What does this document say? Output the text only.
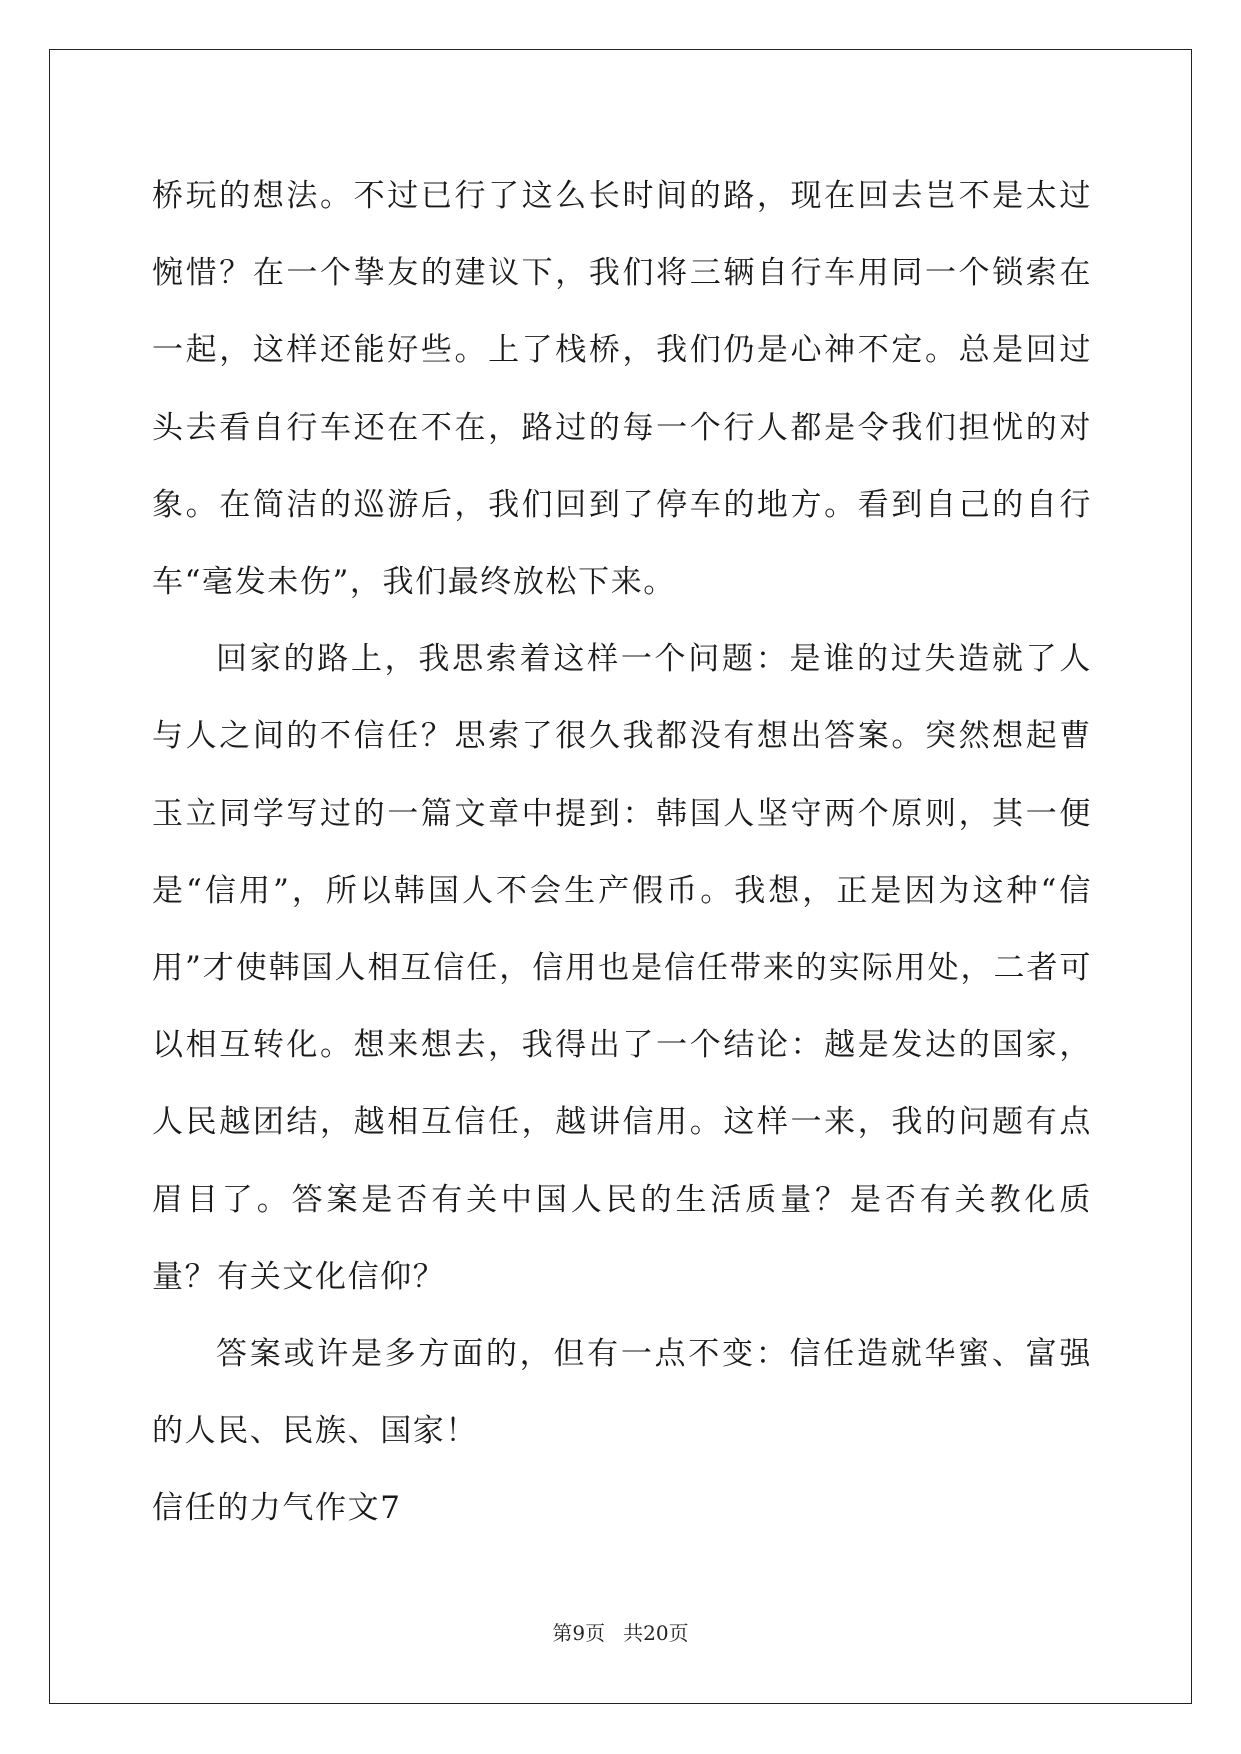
桥玩的想法。不过已行了这么长时间的路，现在回去岂不是太过惋惜？在一个挚友的建议下，我们将三辆自行车用同一个锁索在一起，这样还能好些。上了栈桥，我们仍是心神不定。总是回过头去看自行车还在不在，路过的每一个行人都是令我们担忧的对象。在简洁的巡游后，我们回到了停车的地方。看到自己的自行车“毫发未伤”，我们最终放松下来。

回家的路上，我思索着这样一个问题：是谁的过失造就了人与人之间的不信任？思索了很久我都没有想出答案。突然想起曹玉立同学写过的一篇文章中提到：韩国人坚守两个原则，其一便是“信用”，所以韩国人不会生产假币。我想，正是因为这种“信用”才使韩国人相互信任，信用也是信任带来的实际用处，二者可以相互转化。想来想去，我得出了一个结论：越是发达的国家，人民越团结，越相互信任，越讲信用。这样一来，我的问题有点眉目了。答案是否有关中国人民的生活质量？是否有关教化质量？有关文化信仰？

答案或许是多方面的，但有一点不变：信任造就华蜜、富强的人民、民族、国家！

信任的力气作文7

第9页 共20页
